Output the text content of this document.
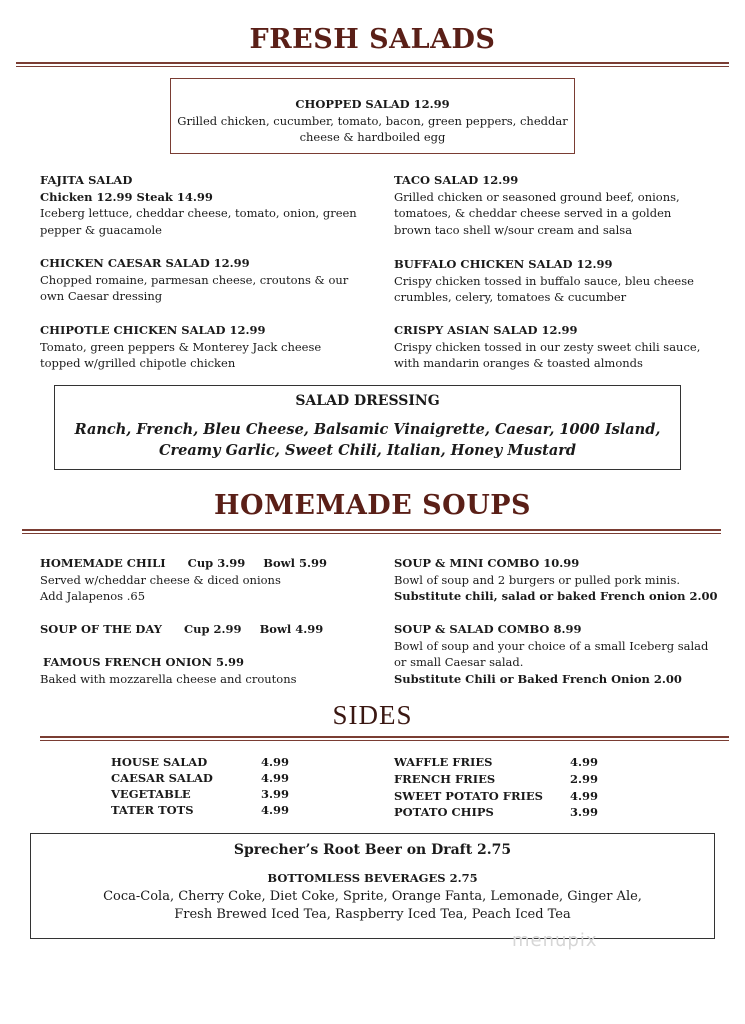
FRESH SALADS
CHOPPED SALAD 12.99
Grilled chicken, cucumber, tomato, bacon, green peppers, cheddar
cheese & hardboiled egg
FAJITA SALAD
Chicken 12.99 Steak 14.99
Iceberg lettuce, cheddar cheese, tomato, onion, green
pepper & guacamole
CHICKEN CAESAR SALAD 12.99
Chopped romaine, parmesan cheese, croutons & our
own Caesar dressing
CHIPOTLE CHICKEN SALAD 12.99
Tomato, green peppers & Monterey Jack cheese
topped w/grilled chipotle chicken
TACO SALAD 12.99
Grilled chicken or seasoned ground beef, onions,
tomatoes, & cheddar cheese served in a golden
brown taco shell w/sour cream and salsa
BUFFALO CHICKEN SALAD 12.99
Crispy chicken tossed in buffalo sauce, bleu cheese
crumbles, celery, tomatoes & cucumber
CRISPY ASIAN SALAD 12.99
Crispy chicken tossed in our zesty sweet chili sauce,
with mandarin oranges & toasted almonds
SALAD DRESSING
Ranch, French, Bleu Cheese, Balsamic Vinaigrette, Caesar, 1000 Island,
Creamy Garlic, Sweet Chili, Italian, Honey Mustard
HOMEMADE SOUPS
HOMEMADE CHILI Cup 3.99 Bowl 5.99
Served w/cheddar cheese & diced onions
Add Jalapenos .65
SOUP OF THE DAY Cup 2.99 Bowl 4.99
FAMOUS FRENCH ONION 5.99
Baked with mozzarella cheese and croutons
SOUP & MINI COMBO 10.99
Bowl of soup and 2 burgers or pulled pork minis.
Substitute chili, salad or baked French onion 2.00
SOUP & SALAD COMBO 8.99
Bowl of soup and your choice of a small Iceberg salad
or small Caesar salad.
Substitute Chili or Baked French Onion 2.00
SIDES
HOUSE SALAD	4.99
CAESAR SALAD	4.99
VEGETABLE	3.99
TATER TOTS	4.99
WAFFLE FRIES	4.99
FRENCH FRIES	2.99
SWEET POTATO FRIES 4.99
POTATO CHIPS	3.99
Sprecher’s Root Beer on Draft 2.75
BOTTOMLESS BEVERAGES 2.75
Coca-Cola, Cherry Coke, Diet Coke, Sprite, Orange Fanta, Lemonade, Ginger Ale,
Fresh Brewed Iced Tea, Raspberry Iced Tea, Peach Iced Tea
menupix
